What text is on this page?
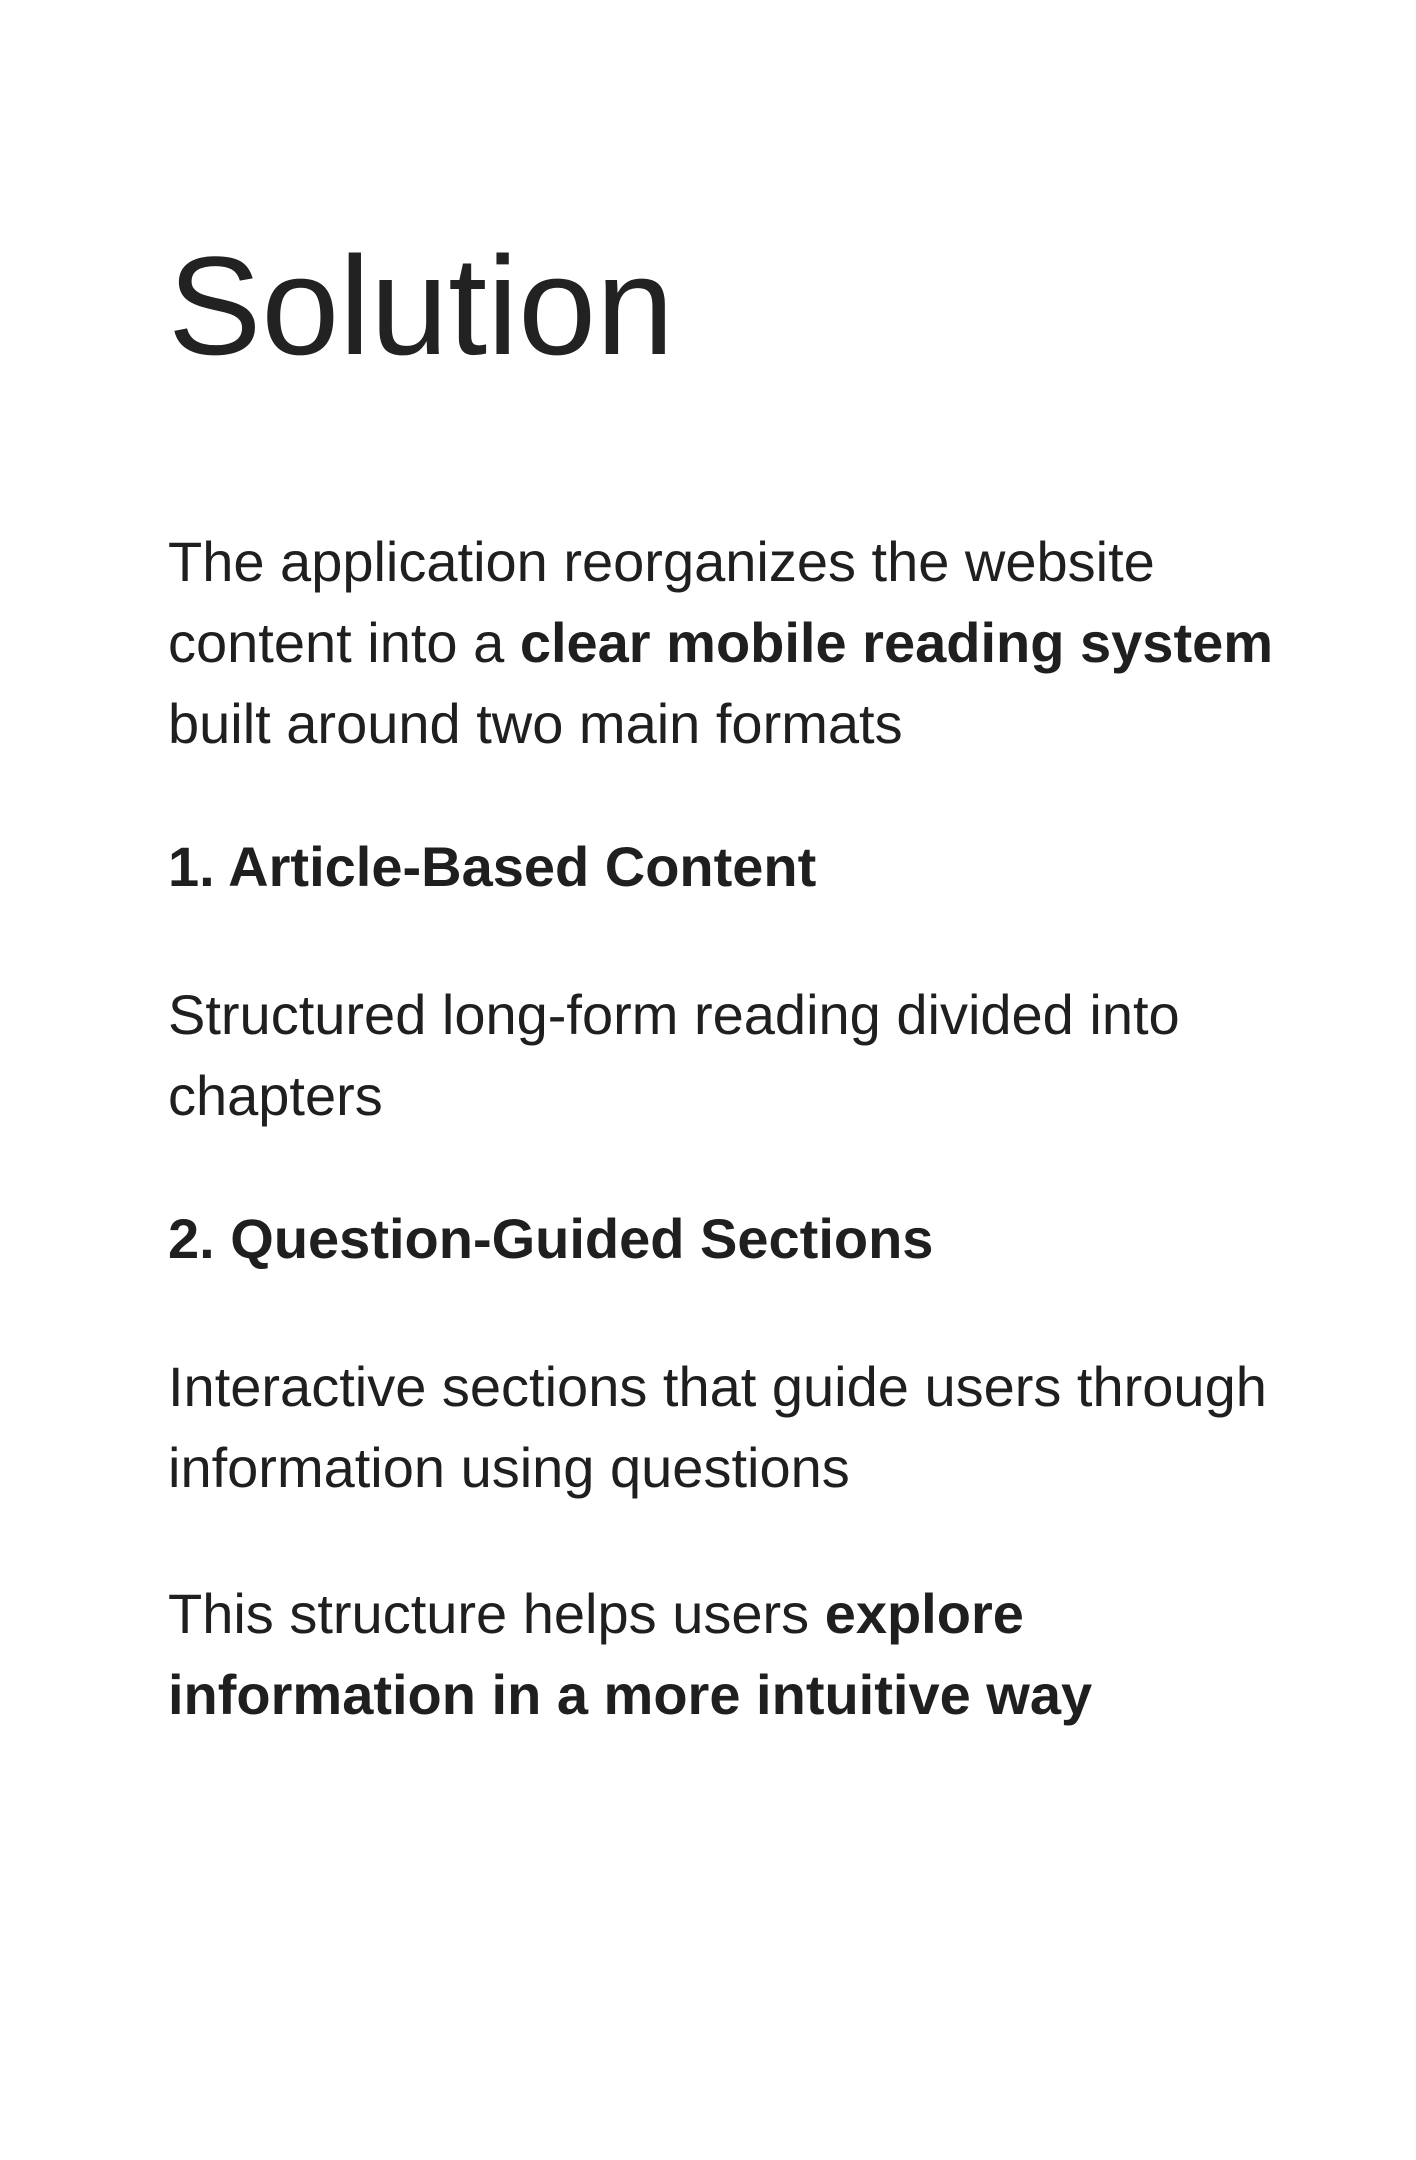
Solution

The application reorganizes the website
content into a clear mobile reading system
built around two main formats

1. Article-Based Content

Structured long-form reading divided into
chapters

2. Question-Guided Sections

Interactive sections that guide users through
information using questions

This structure helps users explore
information in a more intuitive way
